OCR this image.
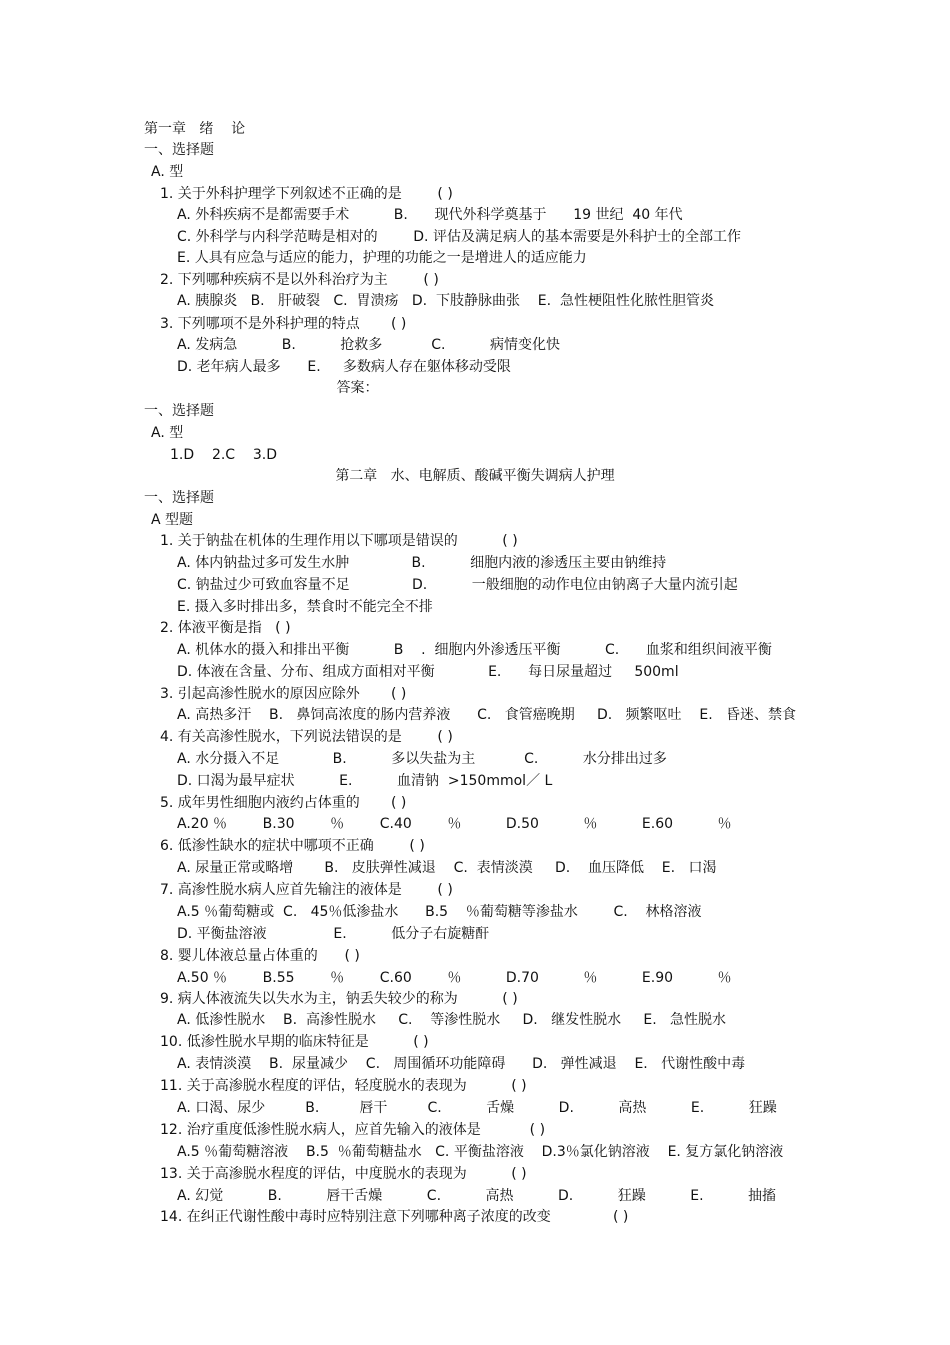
第一章   绪    论
一、选择题
A. 型
1. 关于外科护理学下列叙述不正确的是        ( )
A. 外科疾病不是都需要手术          B.      现代外科学奠基于      19 世纪  40 年代
C. 外科学与内科学范畴是相对的        D. 评估及满足病人的基本需要是外科护士的全部工作
E. 人具有应急与适应的能力，护理的功能之一是增进人的适应能力
2. 下列哪种疾病不是以外科治疗为主        ( )
A. 胰腺炎   B.   肝破裂   C.  胃溃疡   D.  下肢静脉曲张    E.  急性梗阻性化脓性胆管炎
3. 下列哪项不是外科护理的特点       ( )
A. 发病急          B.          抢救多           C.          病情变化快
D. 老年病人最多      E.     多数病人存在躯体移动受限
答案：
一、选择题
A. 型
1.D    2.C    3.D
第二章   水、电解质、酸碱平衡失调病人护理
一、选择题
A 型题
1. 关于钠盐在机体的生理作用以下哪项是错误的          ( )
A. 体内钠盐过多可发生水肿              B.          细胞内液的渗透压主要由钠维持
C. 钠盐过少可致血容量不足              D.          一般细胞的动作电位由钠离子大量内流引起
E. 摄入多时排出多，禁食时不能完全不排
2. 体液平衡是指   ( )
A. 机体水的摄入和排出平衡          B    .  细胞内外渗透压平衡          C.      血浆和组织间液平衡
D. 体液在含量、分布、组成方面相对平衡            E.      每日尿量超过     500ml
3. 引起高渗性脱水的原因应除外       ( )
A. 高热多汗    B.   鼻饲高浓度的肠内营养液      C.   食管癌晚期     D.   频繁呕吐    E.   昏迷、禁食
4. 有关高渗性脱水，下列说法错误的是        ( )
A. 水分摄入不足            B.          多以失盐为主           C.          水分排出过多
D. 口渴为最早症状          E.          血清钠  >150mmol／ L
5. 成年男性细胞内液约占体重的       ( )
A.20 ％        B.30        ％        C.40        ％          D.50          ％          E.60          ％
6. 低渗性缺水的症状中哪项不正确        ( )
A. 尿量正常或略增       B.   皮肤弹性减退    C.  表情淡漠     D.    血压降低    E.   口渴
7. 高渗性脱水病人应首先输注的液体是        ( )
A.5 ％葡萄糖或  C.   45％低渗盐水      B.5    ％葡萄糖等渗盐水        C.    林格溶液
D. 平衡盐溶液               E.          低分子右旋糖酐
8. 婴儿体液总量占体重的      ( )
A.50 ％        B.55        ％        C.60        ％          D.70          ％          E.90          ％
9. 病人体液流失以失水为主，钠丢失较少的称为          ( )
A. 低渗性脱水    B.  高渗性脱水     C.    等渗性脱水     D.   继发性脱水     E.   急性脱水
10. 低渗性脱水早期的临床特征是          ( )
A. 表情淡漠    B.  尿量减少    C.   周围循环功能障碍      D.   弹性减退    E.   代谢性酸中毒
11. 关于高渗脱水程度的评估，轻度脱水的表现为          ( )
A. 口渴、尿少         B.         唇干         C.          舌燥          D.          高热          E.          狂躁
12. 治疗重度低渗性脱水病人，应首先输入的液体是           ( )
A.5 ％葡萄糖溶液    B.5  ％葡萄糖盐水   C. 平衡盐溶液    D.3％氯化钠溶液    E. 复方氯化钠溶液
13. 关于高渗脱水程度的评估，中度脱水的表现为          ( )
A. 幻觉          B.          唇干舌燥          C.          高热          D.          狂躁          E.          抽搐
14. 在纠正代谢性酸中毒时应特别注意下列哪种离子浓度的改变              ( )
